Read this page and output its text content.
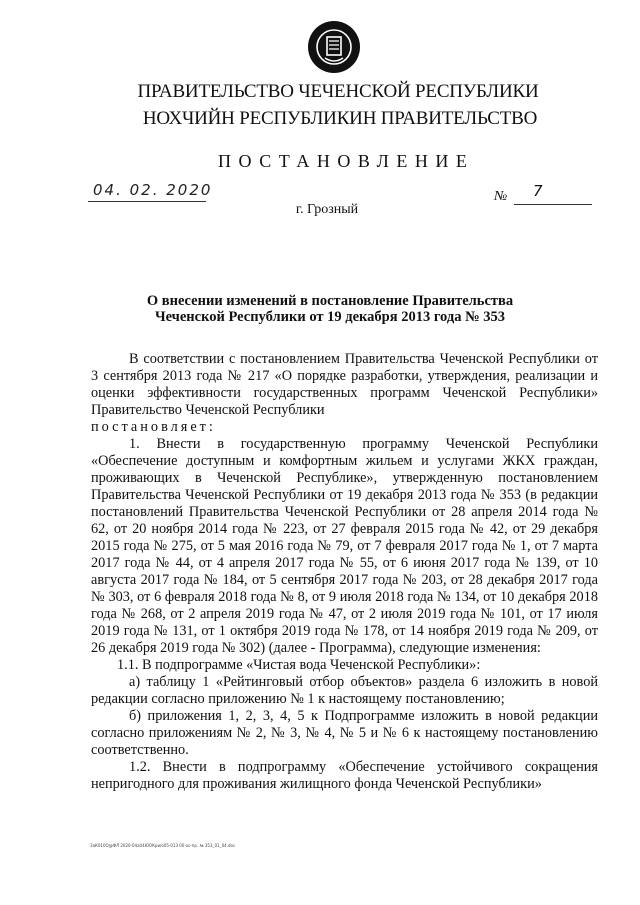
ПРАВИТЕЛЬСТВО ЧЕЧЕНСКОЙ РЕСПУБЛИКИ
НОХЧИЙН РЕСПУБЛИКИН ПРАВИТЕЛЬСТВО
ПОСТАНОВЛЕНИЕ
04. 02. 2020	№ 7
г. Грозный
О внесении изменений в постановление Правительства
Чеченской Республики от 19 декабря 2013 года № 353

В соответствии с постановлением Правительства Чеченской Республики от 3 сентября 2013 года № 217 «О порядке разработки, утверждения, реализации и оценки эффективности государственных программ Чеченской Республики» Правительство Чеченской Республики

постановляет:

1. Внести в государственную программу Чеченской Республики «Обеспечение доступным и комфортным жильем и услугами ЖКХ граждан, проживающих в Чеченской Республике», утвержденную постановлением Правительства Чеченской Республики от 19 декабря 2013 года № 353 (в редакции постановлений Правительства Чеченской Республики от 28 апреля 2014 года № 62, от 20 ноября 2014 года № 223, от 27 февраля 2015 года № 42, от 29 декабря 2015 года № 275, от 5 мая 2016 года № 79, от 7 февраля 2017 года № 1, от 7 марта 2017 года № 44, от 4 апреля 2017 года № 55, от 6 июня 2017 года № 139, от 10 августа 2017 года № 184, от 5 сентября 2017 года № 203, от 28 декабря 2017 года № 303, от 6 февраля 2018 года № 8, от 9 июля 2018 года № 134, от 10 декабря 2018 года № 268, от 2 апреля 2019 года № 47, от 2 июля 2019 года № 101, от 17 июля 2019 года № 131, от 1 октября 2019 года № 178, от 14 ноября 2019 года № 209, от 26 декабря 2019 года № 302) (далее - Программа), следующие изменения:

1.1. В подпрограмме «Чистая вода Чеченской Республики»:

а) таблицу 1 «Рейтинговый отбор объектов» раздела 6 изложить в новой редакции согласно приложению № 1 к настоящему постановлению;

б) приложения 1, 2, 3, 4, 5 к Подпрограмме изложить в новой редакции согласно приложениям № 2, № 3, № 4, № 5 и № 6 к настоящему постановлению соответственно.

1.2. Внести в подпрограмму «Обеспечение устойчивого сокращения непригодного для проживания жилищного фонда Чеченской Республики»

ЗаК010О@ФЛ 2020-04a04ЮОКpи/о05-013 00 ос-пр. № 353_01_04.doc
